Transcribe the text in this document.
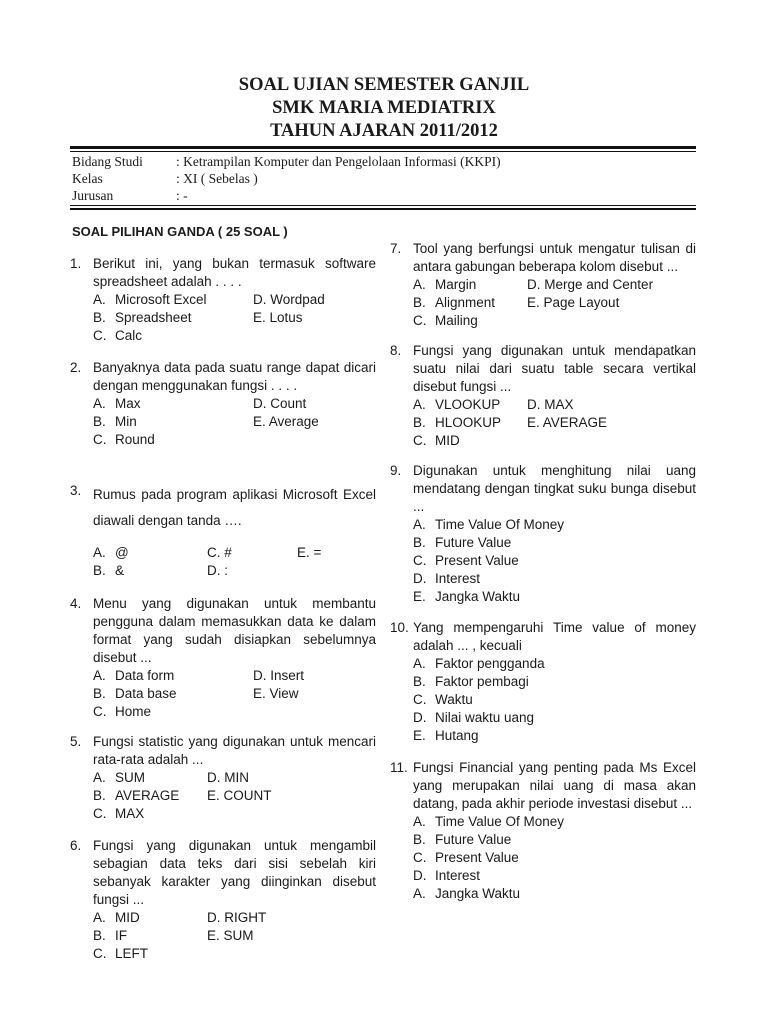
SOAL UJIAN SEMESTER GANJIL
SMK MARIA MEDIATRIX
TAHUN AJARAN 2011/2012
Bidang Studi	: Ketrampilan Komputer dan Pengelolaan Informasi (KKPI)
Kelas	: XI ( Sebelas )
Jurusan	: -
SOAL PILIHAN GANDA ( 25 SOAL )
1. Berikut ini, yang bukan termasuk software spreadsheet adalah . . . .
A. Microsoft Excel	D. Wordpad
B. Spreadsheet	E. Lotus
C. Calc
2. Banyaknya data pada suatu range dapat dicari dengan menggunakan fungsi . . . .
A. Max	D. Count
B. Min	E. Average
C. Round
3. Rumus pada program aplikasi Microsoft Excel diawali dengan tanda ….
A. @	C. #	E. =
B. &	D. :
4. Menu yang digunakan untuk membantu pengguna dalam memasukkan data ke dalam format yang sudah disiapkan sebelumnya disebut ...
A. Data form	D. Insert
B. Data base	E. View
C. Home
5. Fungsi statistic yang digunakan untuk mencari rata-rata adalah ...
A. SUM	D. MIN
B. AVERAGE E. COUNT
C. MAX
6. Fungsi yang digunakan untuk mengambil sebagian data teks dari sisi sebelah kiri sebanyak karakter yang diinginkan disebut fungsi ...
A. MID	D. RIGHT
B. IF	E. SUM
C. LEFT
7. Tool yang berfungsi untuk mengatur tulisan di antara gabungan beberapa kolom disebut ...
A. Margin	D. Merge and Center
B. Alignment E. Page Layout
C. Mailing
8. Fungsi yang digunakan untuk mendapatkan suatu nilai dari suatu table secara vertikal disebut fungsi ...
A. VLOOKUP D. MAX
B. HLOOKUP E. AVERAGE
C. MID
9. Digunakan untuk menghitung nilai uang mendatang dengan tingkat suku bunga disebut ...
A. Time Value Of Money
B. Future Value
C. Present Value
D. Interest
E. Jangka Waktu
10. Yang mempengaruhi Time value of money adalah ... , kecuali
A. Faktor pengganda
B. Faktor pembagi
C. Waktu
D. Nilai waktu uang
E. Hutang
11. Fungsi Financial yang penting pada Ms Excel yang merupakan nilai uang di masa akan datang, pada akhir periode investasi disebut ...
A. Time Value Of Money
B. Future Value
C. Present Value
D. Interest
A. Jangka Waktu
